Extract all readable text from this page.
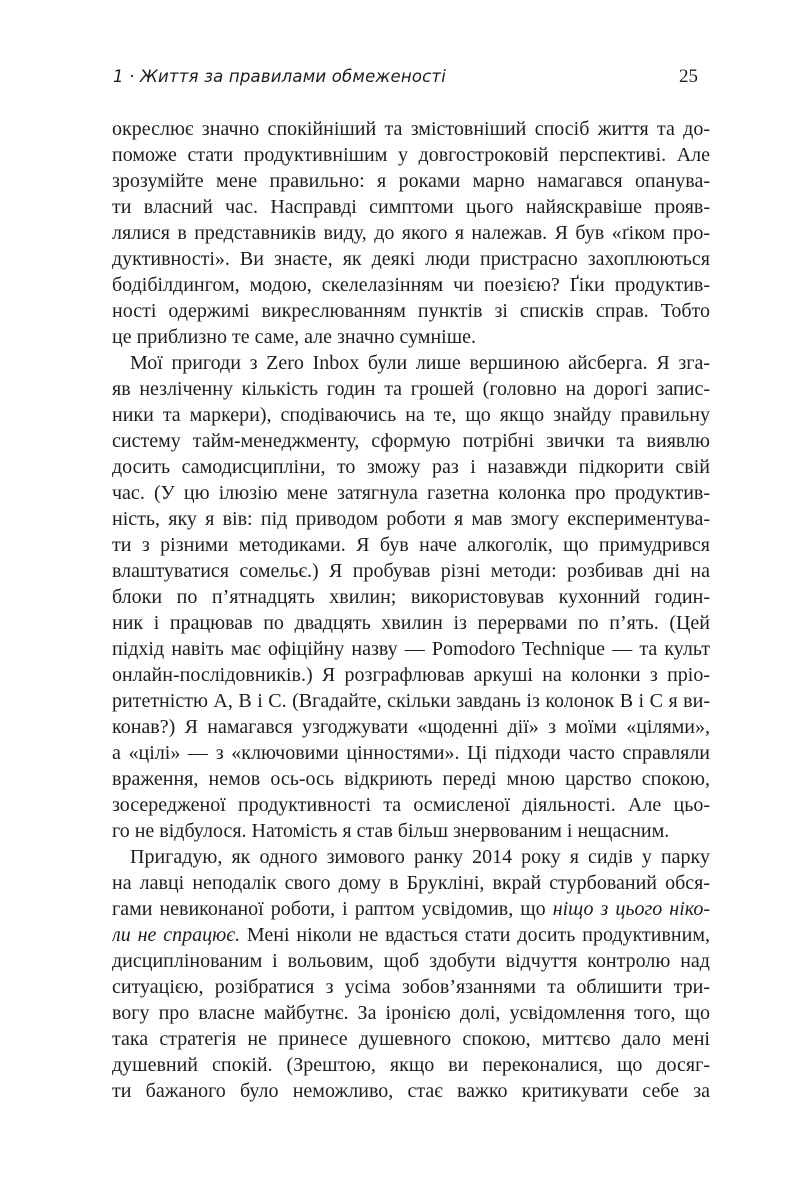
1 · Життя за правилами обмеженості	25
окреслює значно спокійніший та змістовніший спосіб життя та до-
поможе стати продуктивнішим у довгостроковій перспективі. Але
зрозумійте мене правильно: я роками марно намагався опанува-
ти власний час. Насправді симптоми цього найяскравіше прояв-
лялися в представників виду, до якого я належав. Я був «ґіком про-
дуктивності». Ви знаєте, як деякі люди пристрасно захоплюються
бодібілдингом, модою, скелелазінням чи поезією? Ґіки продуктив-
ності одержимі викреслюванням пунктів зі списків справ. Тобто
це приблизно те саме, але значно сумніше.
Мої пригоди з Zero Inbox були лише вершиною айсберга. Я зга-
яв незліченну кількість годин та грошей (головно на дорогі запис-
ники та маркери), сподіваючись на те, що якщо знайду правильну
систему тайм-менеджменту, сформую потрібні звички та виявлю
досить самодисципліни, то зможу раз і назавжди підкорити свій
час. (У цю ілюзію мене затягнула газетна колонка про продуктив-
ність, яку я вів: під приводом роботи я мав змогу експериментува-
ти з різними методиками. Я був наче алкоголік, що примудрився
влаштуватися сомельє.) Я пробував різні методи: розбивав дні на
блоки по п’ятнадцять хвилин; використовував кухонний годин-
ник і працював по двадцять хвилин із перервами по п’ять. (Цей
підхід навіть має офіційну назву — Pomodoro Technique — та культ
онлайн-послідовників.) Я розграфлював аркуші на колонки з пріо-
ритетністю A, B і C. (Вгадайте, скільки завдань із колонок B і C я ви-
конав?) Я намагався узгоджувати «щоденні дії» з моїми «цілями»,
а «цілі» — з «ключовими цінностями». Ці підходи часто справляли
враження, немов ось-ось відкриють переді мною царство спокою,
зосередженої продуктивності та осмисленої діяльності. Але цьо-
го не відбулося. Натомість я став більш знервованим і нещасним.
Пригадую, як одного зимового ранку 2014 року я сидів у парку
на лавці неподалік свого дому в Брукліні, вкрай стурбований обся-
гами невиконаної роботи, і раптом усвідомив, що ніщо з цього ніко-
ли не спрацює. Мені ніколи не вдасться стати досить продуктивним,
дисциплінованим і вольовим, щоб здобути відчуття контролю над
ситуацією, розібратися з усіма зобов’язаннями та облишити три-
вогу про власне майбутнє. За іронією долі, усвідомлення того, що
така стратегія не принесе душевного спокою, миттєво дало мені
душевний спокій. (Зрештою, якщо ви переконалися, що досяг-
ти бажаного було неможливо, стає важко критикувати себе за
